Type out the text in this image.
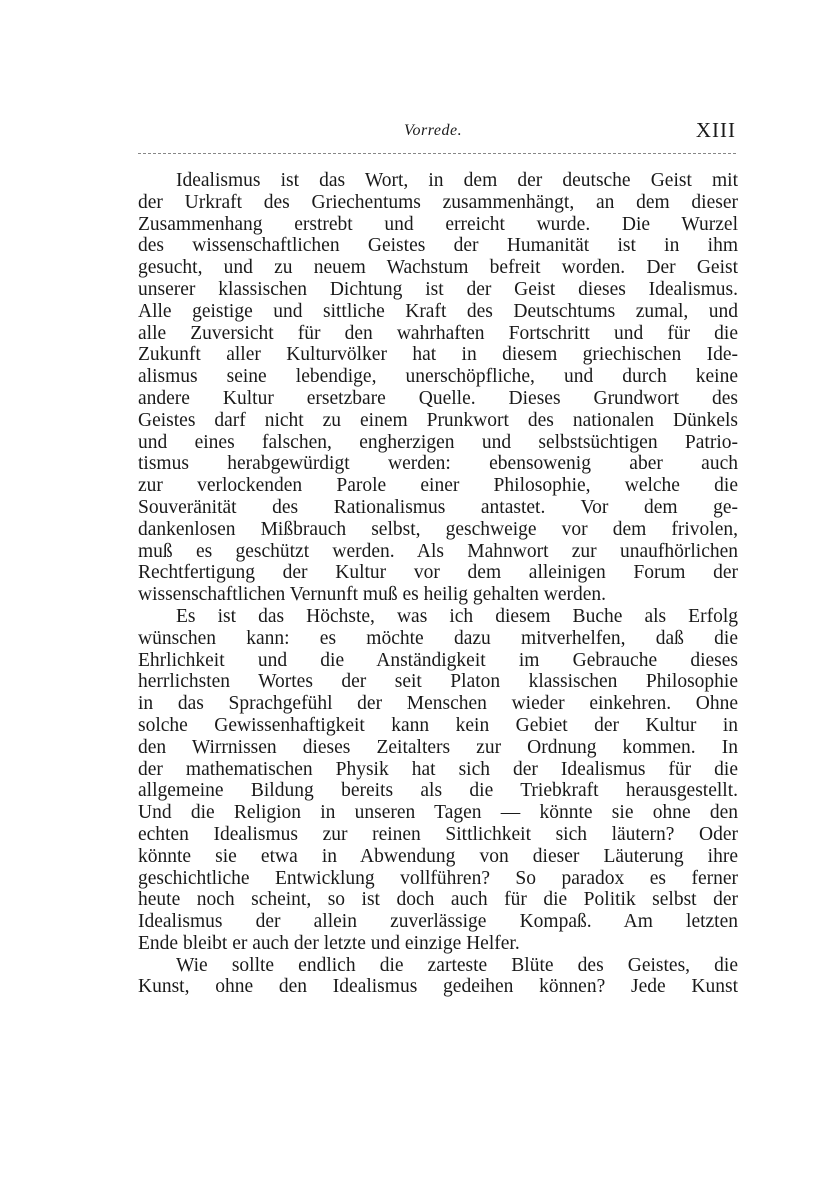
Vorrede.	XIII
Idealismus ist das Wort, in dem der deutsche Geist mit
der Urkraft des Griechentums zusammenhängt, an dem dieser
Zusammenhang erstrebt und erreicht wurde. Die Wurzel
des wissenschaftlichen Geistes der Humanität ist in ihm
gesucht, und zu neuem Wachstum befreit worden. Der Geist
unserer klassischen Dichtung ist der Geist dieses Idealismus.
Alle geistige und sittliche Kraft des Deutschtums zumal, und
alle Zuversicht für den wahrhaften Fortschritt und für die
Zukunft aller Kulturvölker hat in diesem griechischen Ide-
alismus seine lebendige, unerschöpfliche, und durch keine
andere Kultur ersetzbare Quelle. Dieses Grundwort des
Geistes darf nicht zu einem Prunkwort des nationalen Dünkels
und eines falschen, engherzigen und selbstsüchtigen Patrio-
tismus herabgewürdigt werden: ebensowenig aber auch
zur verlockenden Parole einer Philosophie, welche die
Souveränität des Rationalismus antastet. Vor dem ge-
dankenlosen Mißbrauch selbst, geschweige vor dem frivolen,
muß es geschützt werden. Als Mahnwort zur unaufhörlichen
Rechtfertigung der Kultur vor dem alleinigen Forum der
wissenschaftlichen Vernunft muß es heilig gehalten werden.
Es ist das Höchste, was ich diesem Buche als Erfolg
wünschen kann: es möchte dazu mitverhelfen, daß die
Ehrlichkeit und die Anständigkeit im Gebrauche dieses
herrlichsten Wortes der seit Platon klassischen Philosophie
in das Sprachgefühl der Menschen wieder einkehren. Ohne
solche Gewissenhaftigkeit kann kein Gebiet der Kultur in
den Wirrnissen dieses Zeitalters zur Ordnung kommen. In
der mathematischen Physik hat sich der Idealismus für die
allgemeine Bildung bereits als die Triebkraft herausgestellt.
Und die Religion in unseren Tagen — könnte sie ohne den
echten Idealismus zur reinen Sittlichkeit sich läutern? Oder
könnte sie etwa in Abwendung von dieser Läuterung ihre
geschichtliche Entwicklung vollführen? So paradox es ferner
heute noch scheint, so ist doch auch für die Politik selbst der
Idealismus der allein zuverlässige Kompaß. Am letzten
Ende bleibt er auch der letzte und einzige Helfer.
Wie sollte endlich die zarteste Blüte des Geistes, die
Kunst, ohne den Idealismus gedeihen können? Jede Kunst
